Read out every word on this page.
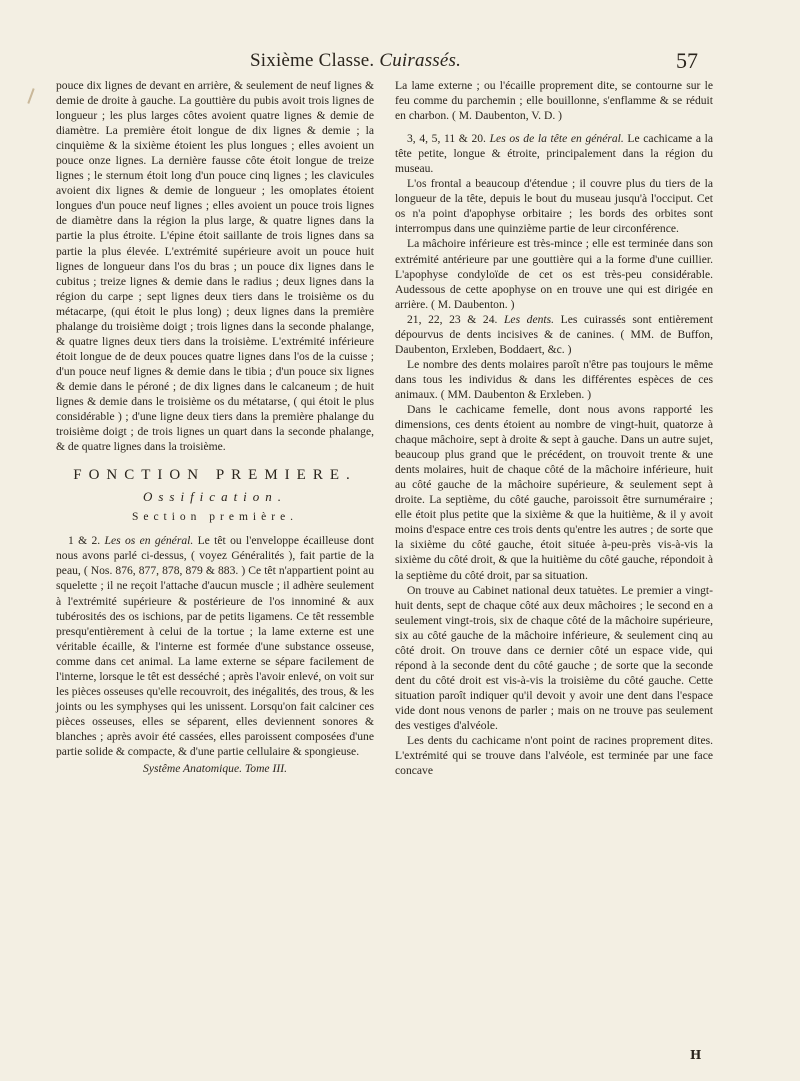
Sixième Classe. Cuirassés.	57

pouce dix lignes de devant en arrière, & seulement de neuf lignes & demie de droite à gauche. La gouttière du pubis avoit trois lignes de longueur ; les plus larges côtes avoient quatre lignes & demie de diamètre. La première étoit longue de dix lignes & demie ; la cinquième & la sixième étoient les plus longues ; elles avoient un pouce onze lignes. La dernière fausse côte étoit longue de treize lignes ; le sternum étoit long d'un pouce cinq lignes ; les clavicules avoient dix lignes & demie de longueur ; les omoplates étoient longues d'un pouce neuf lignes ; elles avoient un pouce trois lignes de diamètre dans la région la plus large, & quatre lignes dans la partie la plus étroite. L'épine étoit saillante de trois lignes dans sa partie la plus élevée. L'extrémité supérieure avoit un pouce huit lignes de longueur dans l'os du bras ; un pouce dix lignes dans le cubitus ; treize lignes & demie dans le radius ; deux lignes dans la région du carpe ; sept lignes deux tiers dans le troisième os du métacarpe, (qui étoit le plus long) ; deux lignes dans la première phalange du troisième doigt ; trois lignes dans la seconde phalange, & quatre lignes deux tiers dans la troisième. L'extrémité inférieure étoit longue de de deux pouces quatre lignes dans l'os de la cuisse ; d'un pouce neuf lignes & demie dans le tibia ; d'un pouce six lignes & demie dans le péroné ; de dix lignes dans le calcaneum ; de huit lignes & demie dans le troisième os du métatarse, ( qui étoit le plus considérable ) ; d'une ligne deux tiers dans la première phalange du troisième doigt ; de trois lignes un quart dans la seconde phalange, & de quatre lignes dans la troisième.

FONCTION PREMIERE.
Ossification.
Section première.

1 & 2. Les os en général. Le têt ou l'enveloppe écailleuse dont nous avons parlé ci-dessus, ( voyez Généralités ), fait partie de la peau, ( Nos. 876, 877, 878, 879 & 883. ) Ce têt n'appartient point au squelette ; il ne reçoit l'attache d'aucun muscle ; il adhère seulement à l'extrémité supérieure & postérieure de l'os innominé & aux tubérosités des os ischions, par de petits ligamens. Ce têt ressemble presqu'entièrement à celui de la tortue ; la lame externe est une véritable écaille, & l'interne est formée d'une substance osseuse, comme dans cet animal. La lame externe se sépare facilement de l'interne, lorsque le têt est desséché ; après l'avoir enlevé, on voit sur les pièces osseuses qu'elle recouvroit, des inégalités, des trous, & les joints ou les symphyses qui les unissent. Lorsqu'on fait calciner ces pièces osseuses, elles se séparent, elles deviennent sonores & blanches ; après avoir été cassées, elles paroissent composées d'une partie solide & compacte, & d'une partie cellulaire & spongieuse.

Systême Anatomique. Tome III.

La lame externe ; ou l'écaille proprement dite, se contourne sur le feu comme du parchemin ; elle bouillonne, s'enflamme & se réduit en charbon. ( M. Daubenton, V. D. )

3, 4, 5, 11 & 20. Les os de la tête en général. Le cachicame a la tête petite, longue & étroite, principalement dans la région du museau.

L'os frontal a beaucoup d'étendue ; il couvre plus du tiers de la longueur de la tête, depuis le bout du museau jusqu'à l'occiput. Cet os n'a point d'apophyse orbitaire ; les bords des orbites sont interrompus dans une quinzième partie de leur circonférence.

La mâchoire inférieure est très-mince ; elle est terminée dans son extrémité antérieure par une gouttière qui a la forme d'une cuillier. L'apophyse condyloïde de cet os est très-peu considérable. Audessous de cette apophyse on en trouve une qui est dirigée en arrière. ( M. Daubenton. )

21, 22, 23 & 24. Les dents. Les cuirassés sont entièrement dépourvus de dents incisives & de canines. ( MM. de Buffon, Daubenton, Erxleben, Boddaert, &c. )

Le nombre des dents molaires paroît n'être pas toujours le même dans tous les individus & dans les différentes espèces de ces animaux. ( MM. Daubenton & Erxleben. )

Dans le cachicame femelle, dont nous avons rapporté les dimensions, ces dents étoient au nombre de vingt-huit, quatorze à chaque mâchoire, sept à droite & sept à gauche. Dans un autre sujet, beaucoup plus grand que le précédent, on trouvoit trente & une dents molaires, huit de chaque côté de la mâchoire inférieure, huit au côté gauche de la mâchoire supérieure, & seulement sept à droite. La septième, du côté gauche, paroissoit être surnuméraire ; elle étoit plus petite que la sixième & que la huitième, & il y avoit moins d'espace entre ces trois dents qu'entre les autres ; de sorte que la sixième du côté gauche, étoit située à-peu-près vis-à-vis la sixième du côté droit, & que la huitième du côté gauche, répondoit à la septième du côté droit, par sa situation.

On trouve au Cabinet national deux tatuètes. Le premier a vingt-huit dents, sept de chaque côté aux deux mâchoires ; le second en a seulement vingt-trois, six de chaque côté de la mâchoire supérieure, six au côté gauche de la mâchoire inférieure, & seulement cinq au côté droit. On trouve dans ce dernier côté un espace vide, qui répond à la seconde dent du côté gauche ; de sorte que la seconde dent du côté droit est vis-à-vis la troisième du côté gauche. Cette situation paroît indiquer qu'il devoit y avoir une dent dans l'espace vide dont nous venons de parler ; mais on ne trouve pas seulement des vestiges d'alvéole.

Les dents du cachicame n'ont point de racines proprement dites. L'extrémité qui se trouve dans l'alvéole, est terminée par une face concave

H
